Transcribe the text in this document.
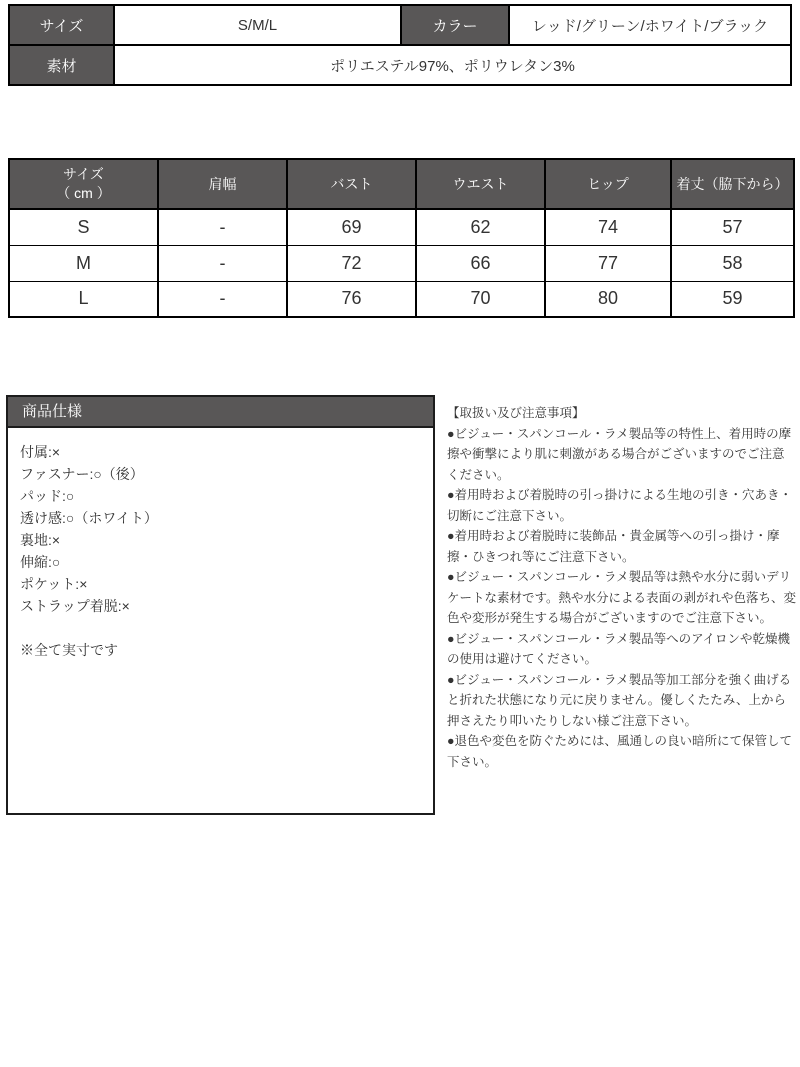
サイズ	S/M/L	カラー	レッド/グリーン/ホワイト/ブラック
素材	ポリエステル97%、ポリウレタン3%		
サイズ
（ cm ）	肩幅	バスト	ウエスト	ヒップ	着丈（脇下から）
S	-	69	62	74	57
M	-	72	66	77	58
L	-	76	70	80	59
商品仕様
付属:×
ファスナー:○（後）
パッド:○
透け感:○（ホワイト）
裏地:×
伸縮:○
ポケット:×
ストラップ着脱:×
※全て実寸です

【取扱い及び注意事項】

●ビジュー・スパンコール・ラメ製品等の特性上、着用時の摩擦や衝撃により肌に刺激がある場合がございますのでご注意ください。

●着用時および着脱時の引っ掛けによる生地の引き・穴あき・切断にご注意下さい。

●着用時および着脱時に装飾品・貴金属等への引っ掛け・摩擦・ひきつれ等にご注意下さい。

●ビジュー・スパンコール・ラメ製品等は熱や水分に弱いデリケートな素材です。熱や水分による表面の剥がれや色落ち、変色や変形が発生する場合がございますのでご注意下さい。

●ビジュー・スパンコール・ラメ製品等へのアイロンや乾燥機の使用は避けてください。

●ビジュー・スパンコール・ラメ製品等加工部分を強く曲げると折れた状態になり元に戻りません。優しくたたみ、上から押さえたり叩いたりしない様ご注意下さい。

●退色や変色を防ぐためには、風通しの良い暗所にて保管して下さい。
